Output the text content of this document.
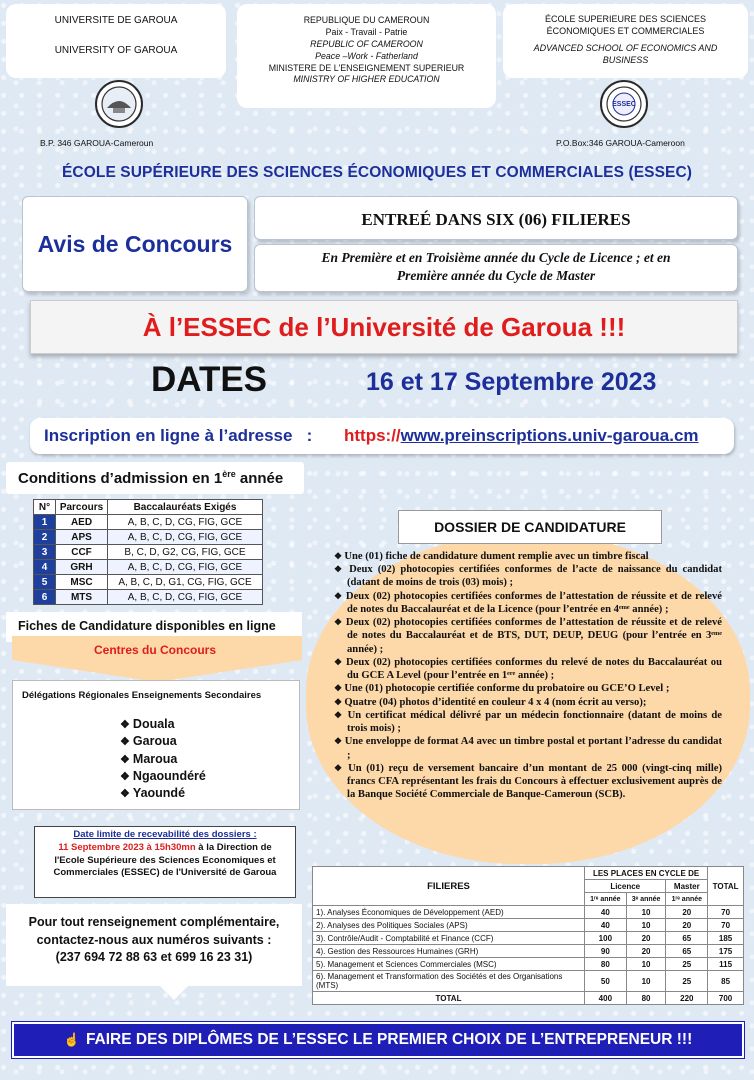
UNIVERSITE DE GAROUA
UNIVERSITY OF GAROUA
B.P. 346 GAROUA-Cameroun
REPUBLIQUE DU CAMEROUN
Paix - Travail - Patrie
REPUBLIC OF CAMEROON
Peace –Work - Fatherland
MINISTERE DE L'ENSEIGNEMENT SUPERIEUR
MINISTRY OF HIGHER EDUCATION
ÉCOLE SUPERIEURE DES SCIENCES
ÉCONOMIQUES ET COMMERCIALES
ADVANCED SCHOOL OF ECONOMICS AND
BUSINESS
ESSEC
P.O.Box:346 GAROUA-Cameroon
ÉCOLE SUPÉRIEURE DES SCIENCES ÉCONOMIQUES ET COMMERCIALES (ESSEC)
Avis de Concours
ENTREÉ DANS SIX (06) FILIERES
En Première et en Troisième année du Cycle de Licence ; et en
Première année du Cycle de Master
À l’ESSEC de l’Université de Garoua !!!
DATES	16 et 17 Septembre 2023
Inscription en ligne à l’adresse   : https://www.preinscriptions.univ-garoua.cm
Conditions d’admission en 1ère année
N°	Parcours	Baccalauréats Exigés
1	AED	A, B, C, D, CG, FIG, GCE
2	APS	A, B, C, D, CG, FIG, GCE
3	CCF	B, C, D, G2, CG, FIG, GCE
4	GRH	A, B, C, D, CG, FIG, GCE
5	MSC	A, B, C, D, G1, CG, FIG, GCE
6	MTS	A, B, C, D, CG, FIG, GCE
Fiches de Candidature disponibles en ligne
Centres du Concours
Délégations Régionales Enseignements Secondaires
❖ Douala
❖ Garoua
❖ Maroua
❖ Ngaoundéré
❖ Yaoundé
Date limite de recevabilité des dossiers :
11 Septembre 2023 à 15h30mn à la Direction de
l'Ecole Supérieure des Sciences Economiques et
Commerciales (ESSEC) de l'Université de Garoua
Pour tout renseignement complémentaire,
contactez-nous aux numéros suivants :
(237 694 72 88 63 et 699 16 23 31)
DOSSIER DE CANDIDATURE
❖ Une (01) fiche de candidature dument remplie avec un timbre fiscal
❖ Deux (02) photocopies certifiées conformes de l’acte de naissance du candidat (datant de moins de trois (03) mois) ;
❖ Deux (02) photocopies certifiées conformes de l’attestation de réussite et de relevé de notes du Baccalauréat et de la Licence (pour l’entrée en 4ᵉᵐᵉ année) ;
❖ Deux (02) photocopies certifiées conformes de l’attestation de réussite et de relevé de notes du Baccalauréat et de BTS, DUT, DEUP, DEUG (pour l’entrée en 3ᵉᵐᵉ année) ;
❖ Deux (02) photocopies certifiées conformes du relevé de notes du Baccalauréat ou du GCE A Level (pour l’entrée en 1ᵉʳᵉ année) ;
❖ Une (01) photocopie certifiée conforme du probatoire ou GCE’O Level ;
❖ Quatre (04) photos d’identité en couleur 4 x 4 (nom écrit au verso);
❖ Un certificat médical délivré par un médecin fonctionnaire (datant de moins de trois mois) ;
❖ Une enveloppe de format A4 avec un timbre postal et portant l’adresse du candidat ;
❖ Un (01) reçu de versement bancaire d’un montant de 25 000 (vingt-cinq mille) francs CFA représentant les frais du Concours à effectuer exclusivement auprès de la Banque Société Commerciale de Banque-Cameroun (SCB).
FILIERES	LES PLACES EN CYCLE DE			TOTAL
	Licence		Master	
	1ʳᵉ année	3ᵉ année	1ʳᵉ année	
1). Analyses Économiques de Développement (AED)	40	10	20	70
2). Analyses des Politiques Sociales (APS)	40	10	20	70
3). Contrôle/Audit - Comptabilité et Finance (CCF)	100	20	65	185
4). Gestion des Ressources Humaines (GRH)	90	20	65	175
5). Management et Sciences Commerciales (MSC)	80	10	25	115
6). Management et Transformation des Sociétés et des Organisations (MTS)	50	10	25	85
TOTAL	400	80	220	700
☝ FAIRE DES DIPLÔMES DE L’ESSEC LE PREMIER CHOIX DE L’ENTREPRENEUR !!!
